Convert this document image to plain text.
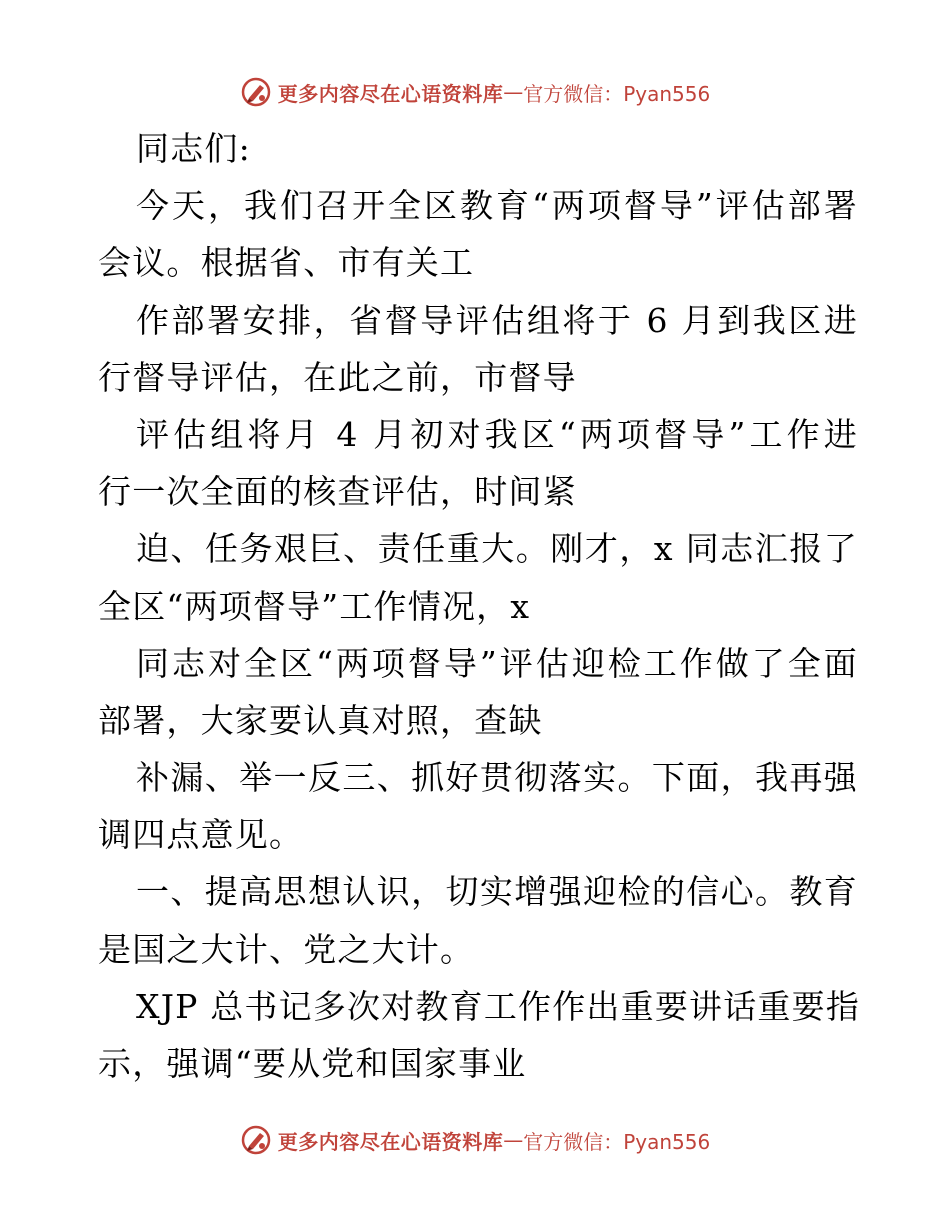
更多内容尽在心语资料库 — 官方微信：Pyan556
同志们:
今天，我们召开全区教育“两项督导”评估部署
会议。根据省、市有关工
作部署安排，省督导评估组将于 6 月到我区进
行督导评估，在此之前，市督导
评估组将月 4 月初对我区“两项督导”工作进
行一次全面的核查评估，时间紧
迫、任务艰巨、责任重大。刚才，x 同志汇报了
全区“两项督导”工作情况，x
同志对全区“两项督导”评估迎检工作做了全面
部署，大家要认真对照，查缺
补漏、举一反三、抓好贯彻落实。下面，我再强
调四点意见。
一、提高思想认识，切实增强迎检的信心。教育
是国之大计、党之大计。
XJP 总书记多次对教育工作作出重要讲话重要指
示，强调“要从党和国家事业
更多内容尽在心语资料库 — 官方微信：Pyan556
